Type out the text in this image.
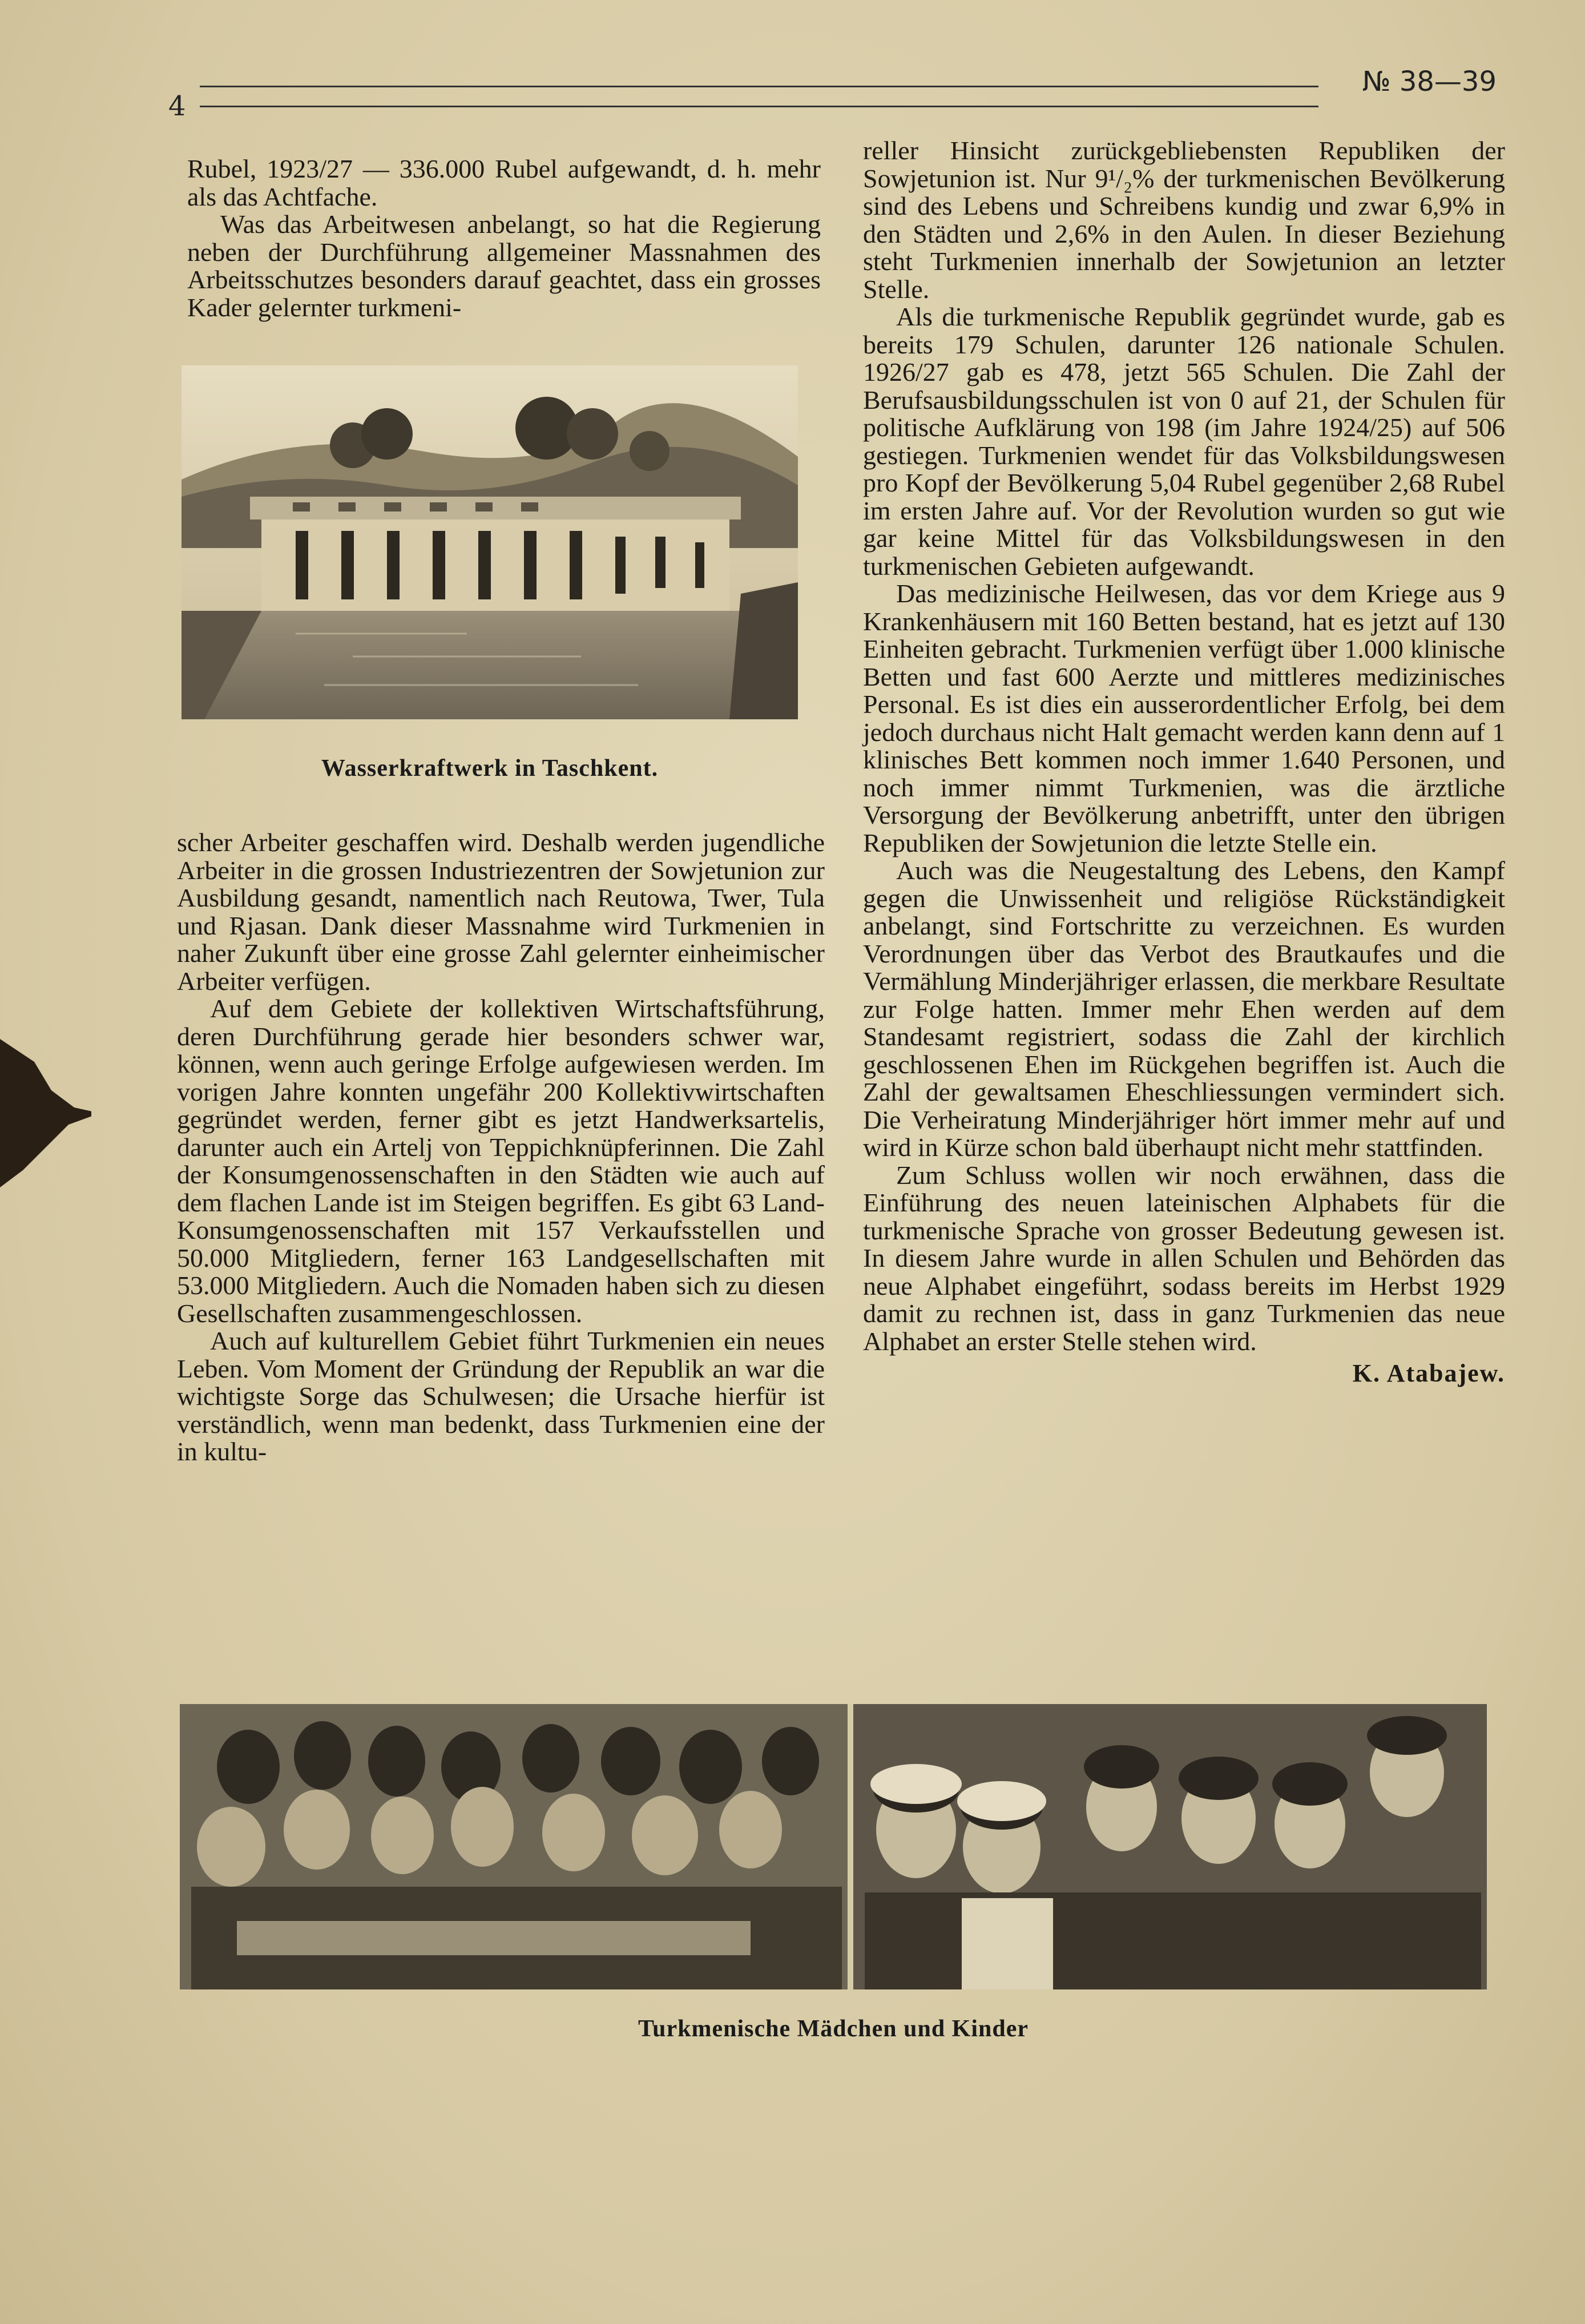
4
№ 38—39

Rubel, 1923/27 — 336.000 Rubel aufgewandt, d. h. mehr als das Achtfache.

Was das Arbeitwesen anbelangt, so hat die Regierung neben der Durchführung allgemeiner Massnahmen des Arbeitsschutzes besonders darauf geachtet, dass ein grosses Kader gelernter turkmeni-

Wasserkraftwerk in Taschkent.

scher Arbeiter geschaffen wird. Deshalb werden jugendliche Arbeiter in die grossen Industriezentren der Sowjetunion zur Ausbildung gesandt, namentlich nach Reutowa, Twer, Tula und Rjasan. Dank dieser Massnahme wird Turkmenien in naher Zukunft über eine grosse Zahl gelernter einheimischer Arbeiter verfügen.

Auf dem Gebiete der kollektiven Wirtschaftsführung, deren Durchführung gerade hier besonders schwer war, können, wenn auch geringe Erfolge aufgewiesen werden. Im vorigen Jahre konnten ungefähr 200 Kollektivwirtschaften gegründet werden, ferner gibt es jetzt Handwerksartelis, darunter auch ein Artelj von Teppichknüpferinnen. Die Zahl der Konsumgenossenschaften in den Städten wie auch auf dem flachen Lande ist im Steigen begriffen. Es gibt 63 Land-Konsumgenossenschaften mit 157 Verkaufsstellen und 50.000 Mitgliedern, ferner 163 Landgesellschaften mit 53.000 Mitgliedern. Auch die Nomaden haben sich zu diesen Gesellschaften zusammengeschlossen.

Auch auf kulturellem Gebiet führt Turkmenien ein neues Leben. Vom Moment der Gründung der Republik an war die wichtigste Sorge das Schulwesen; die Ursache hierfür ist verständlich, wenn man bedenkt, dass Turkmenien eine der in kultu-

reller Hinsicht zurückgebliebensten Republiken der Sowjetunion ist. Nur 9¹/₂% der turkmenischen Bevölkerung sind des Lebens und Schreibens kundig und zwar 6,9% in den Städten und 2,6% in den Aulen. In dieser Beziehung steht Turkmenien innerhalb der Sowjetunion an letzter Stelle.

Als die turkmenische Republik gegründet wurde, gab es bereits 179 Schulen, darunter 126 nationale Schulen. 1926/27 gab es 478, jetzt 565 Schulen. Die Zahl der Berufsausbildungsschulen ist von 0 auf 21, der Schulen für politische Aufklärung von 198 (im Jahre 1924/25) auf 506 gestiegen. Turkmenien wendet für das Volksbildungswesen pro Kopf der Bevölkerung 5,04 Rubel gegenüber 2,68 Rubel im ersten Jahre auf. Vor der Revolution wurden so gut wie gar keine Mittel für das Volksbildungswesen in den turkmenischen Gebieten aufgewandt.

Das medizinische Heilwesen, das vor dem Kriege aus 9 Krankenhäusern mit 160 Betten bestand, hat es jetzt auf 130 Einheiten gebracht. Turkmenien verfügt über 1.000 klinische Betten und fast 600 Aerzte und mittleres medizinisches Personal. Es ist dies ein ausserordentlicher Erfolg, bei dem jedoch durchaus nicht Halt gemacht werden kann denn auf 1 klinisches Bett kommen noch immer 1.640 Personen, und noch immer nimmt Turkmenien, was die ärztliche Versorgung der Bevölkerung anbetrifft, unter den übrigen Republiken der Sowjetunion die letzte Stelle ein.

Auch was die Neugestaltung des Lebens, den Kampf gegen die Unwissenheit und religiöse Rückständigkeit anbelangt, sind Fortschritte zu verzeichnen. Es wurden Verordnungen über das Verbot des Brautkaufes und die Vermählung Minderjähriger erlassen, die merkbare Resultate zur Folge hatten. Immer mehr Ehen werden auf dem Standesamt registriert, sodass die Zahl der kirchlich geschlossenen Ehen im Rückgehen begriffen ist. Auch die Zahl der gewaltsamen Eheschliessungen vermindert sich. Die Verheiratung Minderjähriger hört immer mehr auf und wird in Kürze schon bald überhaupt nicht mehr stattfinden.

Zum Schluss wollen wir noch erwähnen, dass die Einführung des neuen lateinischen Alphabets für die turkmenische Sprache von grosser Bedeutung gewesen ist. In diesem Jahre wurde in allen Schulen und Behörden das neue Alphabet eingeführt, sodass bereits im Herbst 1929 damit zu rechnen ist, dass in ganz Turkmenien das neue Alphabet an erster Stelle stehen wird.

K. Atabajew.

Turkmenische Mädchen und Kinder
